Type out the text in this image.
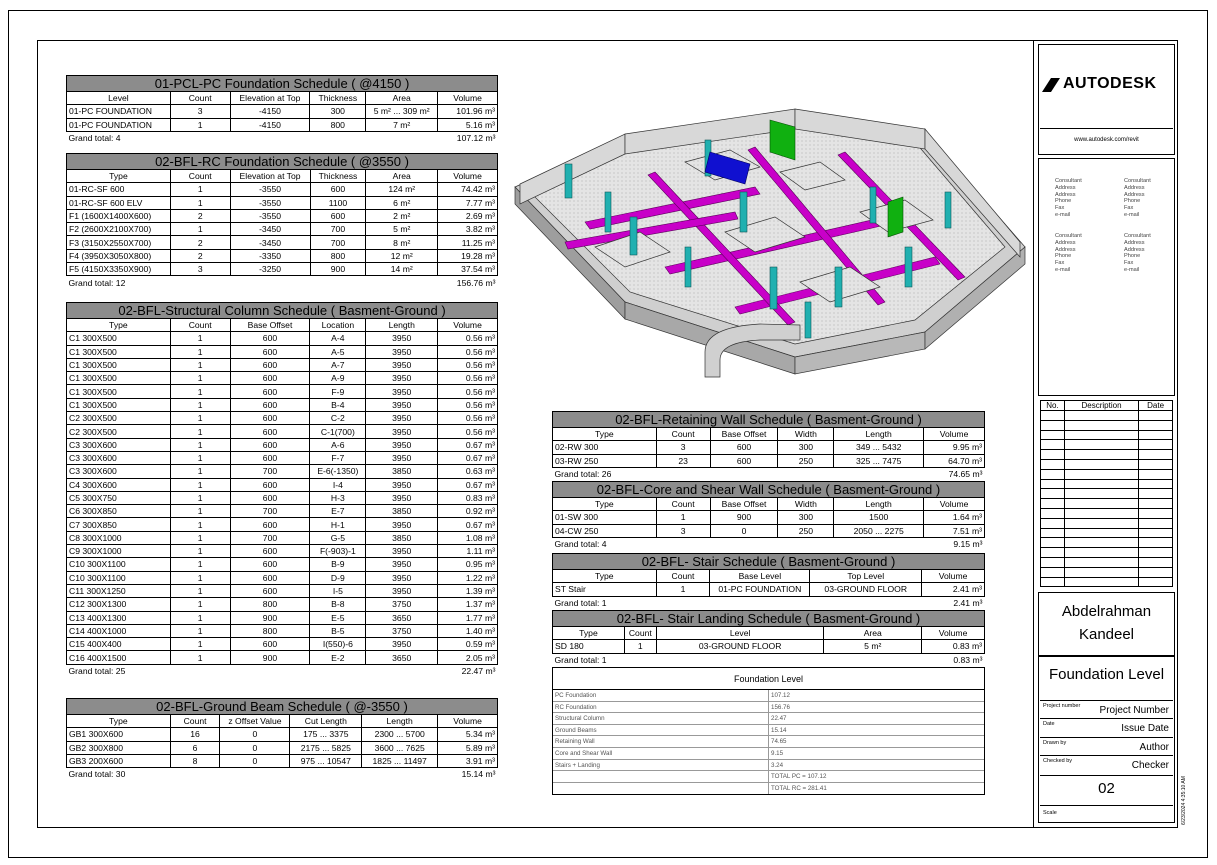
01-PCL-PC Foundation Schedule ( @4150 )					
Level	Count	Elevation at Top	Thickness	Area	Volume
01-PC FOUNDATION	3	-4150	300	5 m² ... 309 m²	101.96 m³
01-PC FOUNDATION	1	-4150	800	7 m²	5.16 m³
Grand total: 4					107.12 m³
02-BFL-RC Foundation Schedule ( @3550 )					
Type	Count	Elevation at Top	Thickness	Area	Volume
01-RC-SF 600	1	-3550	600	124 m²	74.42 m³
01-RC-SF 600 ELV	1	-3550	1100	6 m²	7.77 m³
F1 (1600X1400X600)	2	-3550	600	2 m²	2.69 m³
F2 (2600X2100X700)	1	-3450	700	5 m²	3.82 m³
F3 (3150X2550X700)	2	-3450	700	8 m²	11.25 m³
F4 (3950X3050X800)	2	-3350	800	12 m²	19.28 m³
F5 (4150X3350X900)	3	-3250	900	14 m²	37.54 m³
Grand total: 12					156.76 m³
02-BFL-Structural Column Schedule ( Basment-Ground )					
Type	Count	Base Offset	Location	Length	Volume
C1 300X500	1	600	A-4	3950	0.56 m³
C1 300X500	1	600	A-5	3950	0.56 m³
C1 300X500	1	600	A-7	3950	0.56 m³
C1 300X500	1	600	A-9	3950	0.56 m³
C1 300X500	1	600	F-9	3950	0.56 m³
C1 300X500	1	600	B-4	3950	0.56 m³
C2 300X500	1	600	C-2	3950	0.56 m³
C2 300X500	1	600	C-1(700)	3950	0.56 m³
C3 300X600	1	600	A-6	3950	0.67 m³
C3 300X600	1	600	F-7	3950	0.67 m³
C3 300X600	1	700	E-6(-1350)	3850	0.63 m³
C4 300X600	1	600	I-4	3950	0.67 m³
C5 300X750	1	600	H-3	3950	0.83 m³
C6 300X850	1	700	E-7	3850	0.92 m³
C7 300X850	1	600	H-1	3950	0.67 m³
C8 300X1000	1	700	G-5	3850	1.08 m³
C9 300X1000	1	600	F(-903)-1	3950	1.11 m³
C10 300X1100	1	600	B-9	3950	0.95 m³
C10 300X1100	1	600	D-9	3950	1.22 m³
C11 300X1250	1	600	I-5	3950	1.39 m³
C12 300X1300	1	800	B-8	3750	1.37 m³
C13 400X1300	1	900	E-5	3650	1.77 m³
C14 400X1000	1	800	B-5	3750	1.40 m³
C15 400X400	1	600	I(550)-6	3950	0.59 m³
C16 400X1500	1	900	E-2	3650	2.05 m³
Grand total: 25					22.47 m³
02-BFL-Ground Beam Schedule ( @-3550 )					
Type	Count	z Offset Value	Cut Length	Length	Volume
GB1 300X600	16	0	175 ... 3375	2300 ... 5700	5.34 m³
GB2 300X800	6	0	2175 ... 5825	3600 ... 7625	5.89 m³
GB3 200X600	8	0	975 ... 10547	1825 ... 11497	3.91 m³
Grand total: 30					15.14 m³
02-BFL-Retaining Wall Schedule ( Basment-Ground )					
Type	Count	Base Offset	Width	Length	Volume
02-RW 300	3	600	300	349 ... 5432	9.95 m³
03-RW 250	23	600	250	325 ... 7475	64.70 m³
Grand total: 26					74.65 m³
02-BFL-Core and Shear Wall Schedule ( Basment-Ground )					
Type	Count	Base Offset	Width	Length	Volume
01-SW 300	1	900	300	1500	1.64 m³
04-CW 250	3	0	250	2050 ... 2275	7.51 m³
Grand total: 4					9.15 m³
02-BFL- Stair Schedule ( Basment-Ground )				
Type	Count	Base Level	Top Level	Volume
ST Stair	1	01-PC FOUNDATION	03-GROUND FLOOR	2.41 m³
Grand total: 1				2.41 m³
02-BFL- Stair Landing Schedule ( Basment-Ground )				
Type	Count	Level	Area	Volume
SD 180	1	03-GROUND FLOOR	5 m²	0.83 m³
Grand total: 1				0.83 m³
Foundation Level
PC Foundation	107.12
RC Foundation	156.76
Structural Column	22.47
Ground Beams	15.14
Retaining Wall	74.65
Core and Shear Wall	9.15
Stairs + Landing	3.24
TOTAL PC = 107.12
TOTAL RC = 281.41
AUTODESK
www.autodesk.com/revit
Consultant
Address
Address
Phone
Fax
e-mail
Consultant
Address
Address
Phone
Fax
e-mail
Consultant
Address
Address
Phone
Fax
e-mail
Consultant
Address
Address
Phone
Fax
e-mail
No.	Description	Date

Abdelrahman
Kandeel
Foundation Level
Project number Project Number
Date	Issue Date
Drawn by	Author
Checked by	Checker
02
Scale	6/23/2024 4:35:10 AM
